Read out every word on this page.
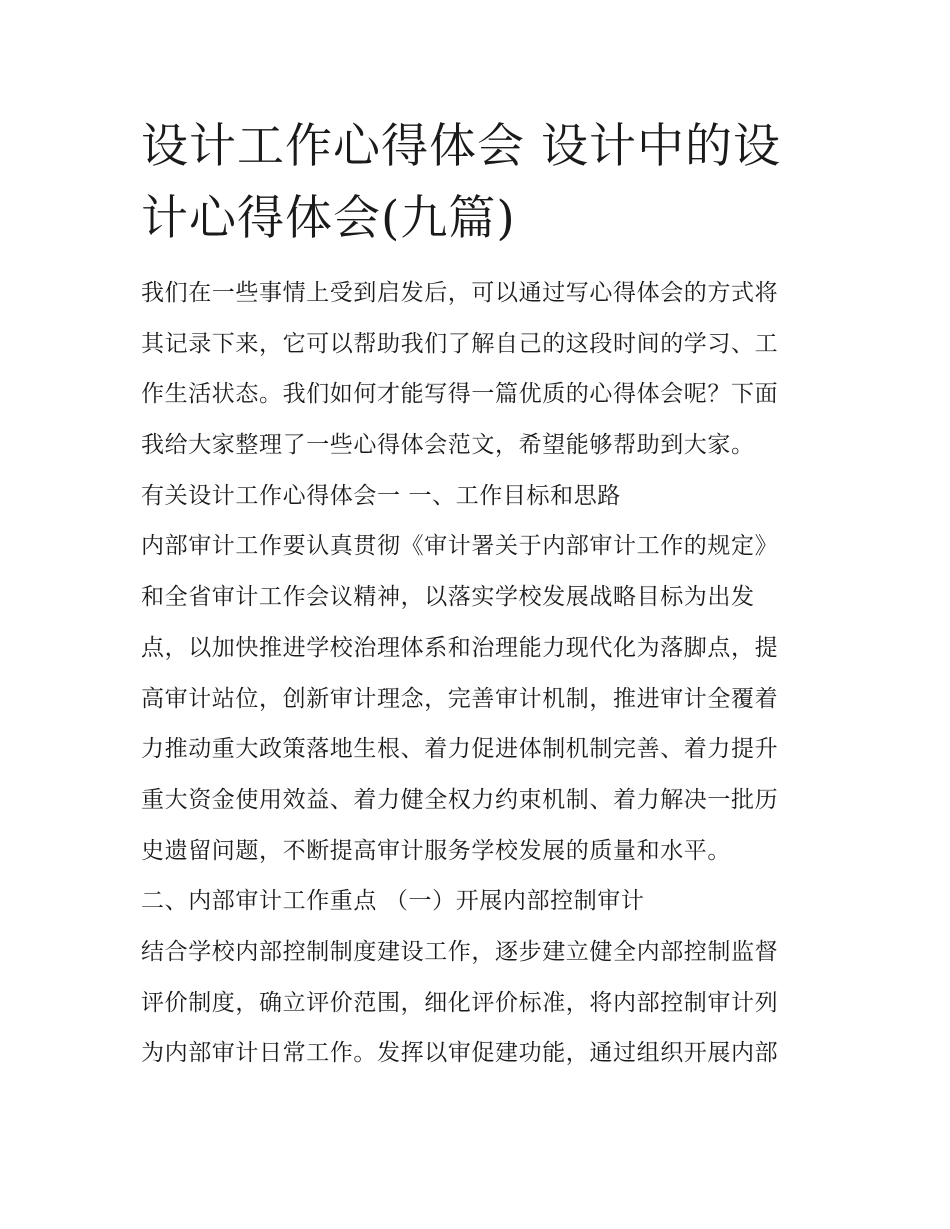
设计工作心得体会 设计中的设
计心得体会(九篇)
我们在一些事情上受到启发后，可以通过写心得体会的方式将
其记录下来，它可以帮助我们了解自己的这段时间的学习、工
作生活状态。我们如何才能写得一篇优质的心得体会呢？下面
我给大家整理了一些心得体会范文，希望能够帮助到大家。
有关设计工作心得体会一 一、工作目标和思路
内部审计工作要认真贯彻《审计署关于内部审计工作的规定》
和全省审计工作会议精神，以落实学校发展战略目标为出发
点，以加快推进学校治理体系和治理能力现代化为落脚点，提
高审计站位，创新审计理念，完善审计机制，推进审计全覆着
力推动重大政策落地生根、着力促进体制机制完善、着力提升
重大资金使用效益、着力健全权力约束机制、着力解决一批历
史遗留问题，不断提高审计服务学校发展的质量和水平。
二、内部审计工作重点 （一）开展内部控制审计
结合学校内部控制制度建设工作，逐步建立健全内部控制监督
评价制度，确立评价范围，细化评价标准，将内部控制审计列
为内部审计日常工作。发挥以审促建功能，通过组织开展内部
